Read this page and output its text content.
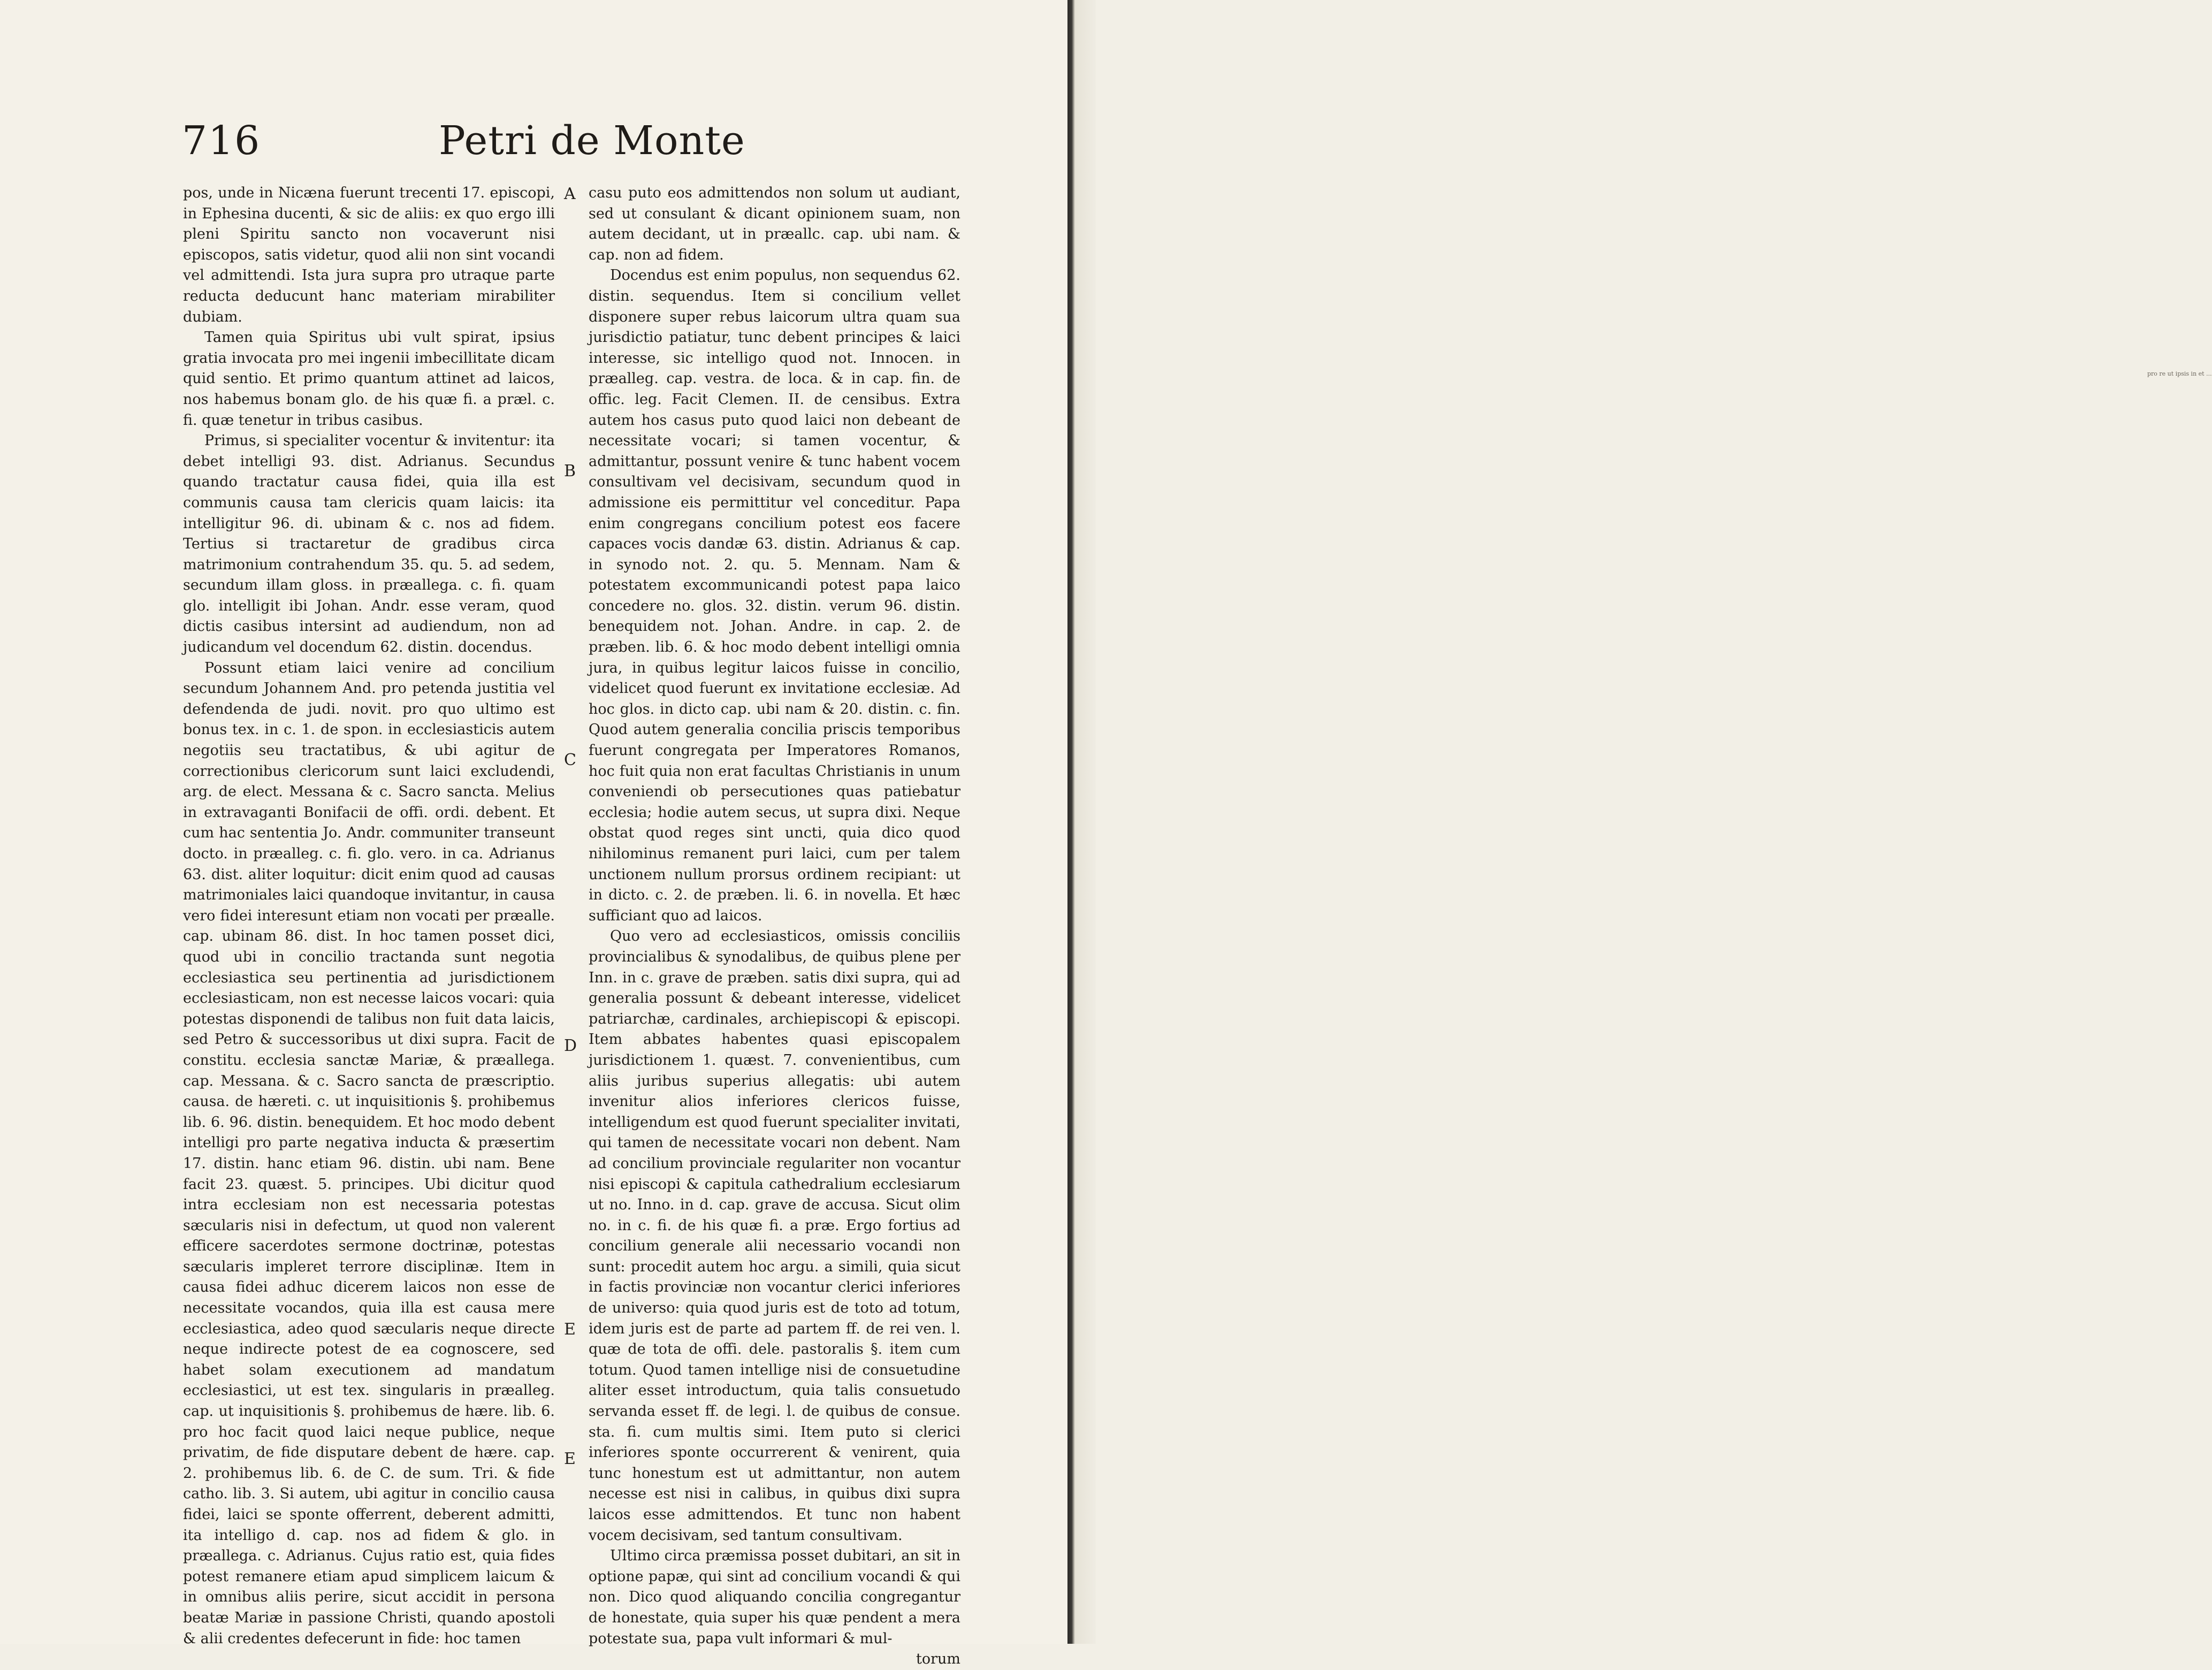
716	Petri de Monte

pos, unde in Nicæna fuerunt trecenti 17. episcopi, in Ephesina ducenti, & sic de aliis: ex quo ergo illi pleni Spiritu sancto non vocaverunt nisi episcopos, satis videtur, quod alii non sint vocandi vel admittendi. Ista jura supra pro utraque parte reducta deducunt hanc materiam mirabiliter dubiam.

Tamen quia Spiritus ubi vult spirat, ipsius gratia invocata pro mei ingenii imbecillitate dicam quid sentio. Et primo quantum attinet ad laicos, nos habemus bonam glo. de his quæ fi. a præl. c. fi. quæ tenetur in tribus casibus.

Primus, si specialiter vocentur & invitentur: ita debet intelligi 93. dist. Adrianus. Secundus quando tractatur causa fidei, quia illa est communis causa tam clericis quam laicis: ita intelligitur 96. di. ubinam & c. nos ad fidem. Tertius si tractaretur de gradibus circa matrimonium contrahendum 35. qu. 5. ad sedem, secundum illam gloss. in præallega. c. fi. quam glo. intelligit ibi Johan. Andr. esse veram, quod dictis casibus intersint ad audiendum, non ad judicandum vel docendum 62. distin. docendus.

Possunt etiam laici venire ad concilium secundum Johannem And. pro petenda justitia vel defendenda de judi. novit. pro quo ultimo est bonus tex. in c. 1. de spon. in ecclesiasticis autem negotiis seu tractatibus, & ubi agitur de correctionibus clericorum sunt laici excludendi, arg. de elect. Messana & c. Sacro sancta. Melius in extravaganti Bonifacii de offi. ordi. debent. Et cum hac sententia Jo. Andr. communiter transeunt docto. in præalleg. c. fi. glo. vero. in ca. Adrianus 63. dist. aliter loquitur: dicit enim quod ad causas matrimoniales laici quandoque invitantur, in causa vero fidei interesunt etiam non vocati per præalle. cap. ubinam 86. dist. In hoc tamen posset dici, quod ubi in concilio tractanda sunt negotia ecclesiastica seu pertinentia ad jurisdictionem ecclesiasticam, non est necesse laicos vocari: quia potestas disponendi de talibus non fuit data laicis, sed Petro & successoribus ut dixi supra. Facit de constitu. ecclesia sanctæ Mariæ, & præallega. cap. Messana. & c. Sacro sancta de præscriptio. causa. de hæreti. c. ut inquisitionis §. prohibemus lib. 6. 96. distin. benequidem. Et hoc modo debent intelligi pro parte negativa inducta & præsertim 17. distin. hanc etiam 96. distin. ubi nam. Bene facit 23. quæst. 5. principes. Ubi dicitur quod intra ecclesiam non est necessaria potestas sæcularis nisi in defectum, ut quod non valerent efficere sacerdotes sermone doctrinæ, potestas sæcularis impleret terrore disciplinæ. Item in causa fidei adhuc dicerem laicos non esse de necessitate vocandos, quia illa est causa mere ecclesiastica, adeo quod sæcularis neque directe neque indirecte potest de ea cognoscere, sed habet solam executionem ad mandatum ecclesiastici, ut est tex. singularis in præalleg. cap. ut inquisitionis §. prohibemus de hære. lib. 6. pro hoc facit quod laici neque publice, neque privatim, de fide disputare debent de hære. cap. 2. prohibemus lib. 6. de C. de sum. Tri. & fide catho. lib. 3. Si autem, ubi agitur in concilio causa fidei, laici se sponte offerrent, deberent admitti, ita intelligo d. cap. nos ad fidem & glo. in præallega. c. Adrianus. Cujus ratio est, quia fides potest remanere etiam apud simplicem laicum & in omnibus aliis perire, sicut accidit in persona beatæ Mariæ in passione Christi, quando apostoli & alii credentes defecerunt in fide: hoc tamen

A
B
C
D
E
E

casu puto eos admittendos non solum ut audiant, sed ut consulant & dicant opinionem suam, non autem decidant, ut in præallc. cap. ubi nam. & cap. non ad fidem.

Docendus est enim populus, non sequendus 62. distin. sequendus. Item si concilium vellet disponere super rebus laicorum ultra quam sua jurisdictio patiatur, tunc debent principes & laici interesse, sic intelligo quod not. Innocen. in præalleg. cap. vestra. de loca. & in cap. fin. de offic. leg. Facit Clemen. II. de censibus. Extra autem hos casus puto quod laici non debeant de necessitate vocari; si tamen vocentur, & admittantur, possunt venire & tunc habent vocem consultivam vel decisivam, secundum quod in admissione eis permittitur vel conceditur. Papa enim congregans concilium potest eos facere capaces vocis dandæ 63. distin. Adrianus & cap. in synodo not. 2. qu. 5. Mennam. Nam & potestatem excommunicandi potest papa laico concedere no. glos. 32. distin. verum 96. distin. benequidem not. Johan. Andre. in cap. 2. de præben. lib. 6. & hoc modo debent intelligi omnia jura, in quibus legitur laicos fuisse in concilio, videlicet quod fuerunt ex invitatione ecclesiæ. Ad hoc glos. in dicto cap. ubi nam & 20. distin. c. fin. Quod autem generalia concilia priscis temporibus fuerunt congregata per Imperatores Romanos, hoc fuit quia non erat facultas Christianis in unum conveniendi ob persecutiones quas patiebatur ecclesia; hodie autem secus, ut supra dixi. Neque obstat quod reges sint uncti, quia dico quod nihilominus remanent puri laici, cum per talem unctionem nullum prorsus ordinem recipiant: ut in dicto. c. 2. de præben. li. 6. in novella. Et hæc sufficiant quo ad laicos.

Quo vero ad ecclesiasticos, omissis conciliis provincialibus & synodalibus, de quibus plene per Inn. in c. grave de præben. satis dixi supra, qui ad generalia possunt & debeant interesse, videlicet patriarchæ, cardinales, archiepiscopi & episcopi. Item abbates habentes quasi episcopalem jurisdictionem 1. quæst. 7. convenientibus, cum aliis juribus superius allegatis: ubi autem invenitur alios inferiores clericos fuisse, intelligendum est quod fuerunt specialiter invitati, qui tamen de necessitate vocari non debent. Nam ad concilium provinciale regulariter non vocantur nisi episcopi & capitula cathedralium ecclesiarum ut no. Inno. in d. cap. grave de accusa. Sicut olim no. in c. fi. de his quæ fi. a præ. Ergo fortius ad concilium generale alii necessario vocandi non sunt: procedit autem hoc argu. a simili, quia sicut in factis provinciæ non vocantur clerici inferiores de universo: quia quod juris est de toto ad totum, idem juris est de parte ad partem ff. de rei ven. l. quæ de tota de offi. dele. pastoralis §. item cum totum. Quod tamen intellige nisi de consuetudine aliter esset introductum, quia talis consuetudo servanda esset ff. de legi. l. de quibus de consue. sta. fi. cum multis simi. Item puto si clerici inferiores sponte occurrerent & venirent, quia tunc honestum est ut admittantur, non autem necesse est nisi in calibus, in quibus dixi supra laicos esse admittendos. Et tunc non habent vocem decisivam, sed tantum consultivam.

Ultimo circa præmissa posset dubitari, an sit in optione papæ, qui sint ad concilium vocandi & qui non. Dico quod aliquando concilia congregantur de honestate, quia super his quæ pendent a mera potestate sua, papa vult informari & mul-

torum

pro re ut ipsis in et ...
